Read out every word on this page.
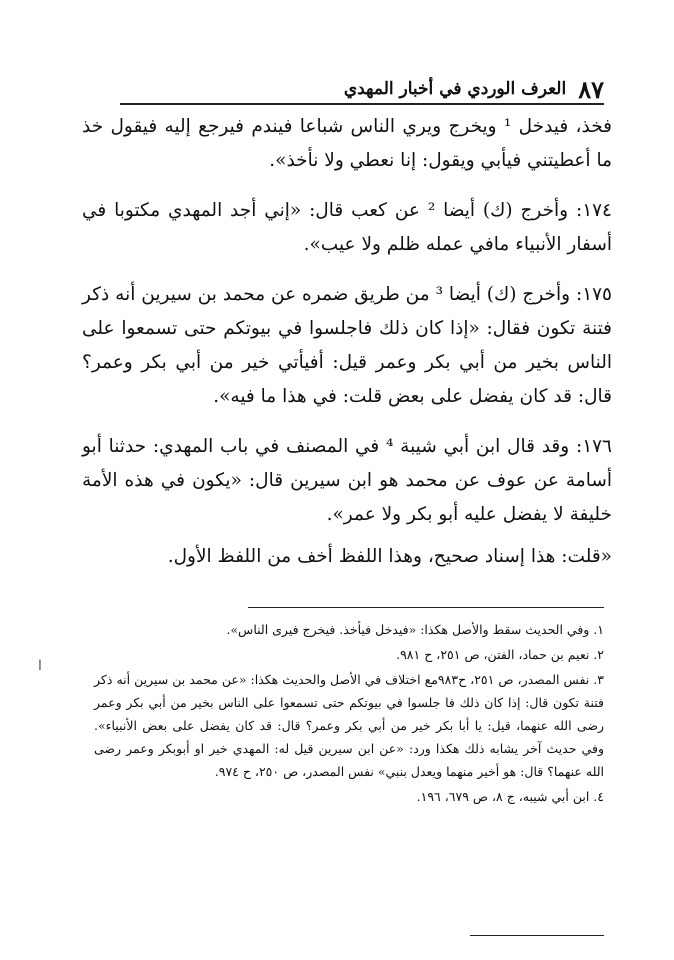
٨٧
العرف الوردي في أخبار المهدي

فخذ، فيدخل ¹ ويخرج ويري الناس شباعا فيندم فيرجع إليه فيقول خذ ما أعطيتني فيأبي ويقول: إنا نعطي ولا نأخذ».

١٧٤: وأخرج (ك) أيضا ² عن كعب قال: «إني أجد المهدي مكتوبا في أسفار الأنبياء مافي عمله ظلم ولا عيب».

١٧٥: وأخرج (ك) أيضا ³ من طريق ضمره عن محمد بن سيرين أنه ذكر فتنة تكون فقال: «إذا كان ذلك فاجلسوا في بيوتكم حتى تسمعوا على الناس بخير من أبي بكر وعمر قيل: أفيأتي خير من أبي بكر وعمر؟ قال: قد كان يفضل على بعض قلت: في هذا ما فيه».

١٧٦: وقد قال ابن أبي شيبة ⁴ في المصنف في باب المهدي: حدثنا أبو أسامة عن عوف عن محمد هو ابن سيرين قال: «يكون في هذه الأمة خليفة لا يفضل عليه أبو بكر ولا عمر».

«قلت: هذا إسناد صحيح، وهذا اللفظ أخف من اللفظ الأول.

١. وفي الحديث سقط والأصل هكذا: «فيدخل فيأخذ. فيخرج فيرى الناس».

٢. نعيم بن حماد، الفتن، ص ٢٥١، ح ٩٨١.

٣. نفس المصدر، ص ٢٥١، ح٩٨٣مع اختلاف في الأصل والحديث هكذا: «عن محمد بن سيرين أنه ذكر فتنة تكون قال: إذا كان ذلك فا جلسوا في بيوتكم حتى تسمعوا على الناس بخير من أبي بكر وعمر رضى الله عنهما، قيل: يا أبا بكر خير من أبي بكر وعمر؟ قال: قد كان يفضل على بعض الأنبياء». وفي حديث آخر يشابه ذلك هكذا ورد: «عن ابن سيرين قيل له: المهدي خير او أبوبكر وعمر رضى الله عنهما؟ قال: هو أخير منهما ويعدل بنبي» نفس المصدر، ص ٢٥٠، ح ٩٧٤.

٤. ابن أبي شيبه، ج ٨، ص ٦٧٩، ١٩٦.

ا
